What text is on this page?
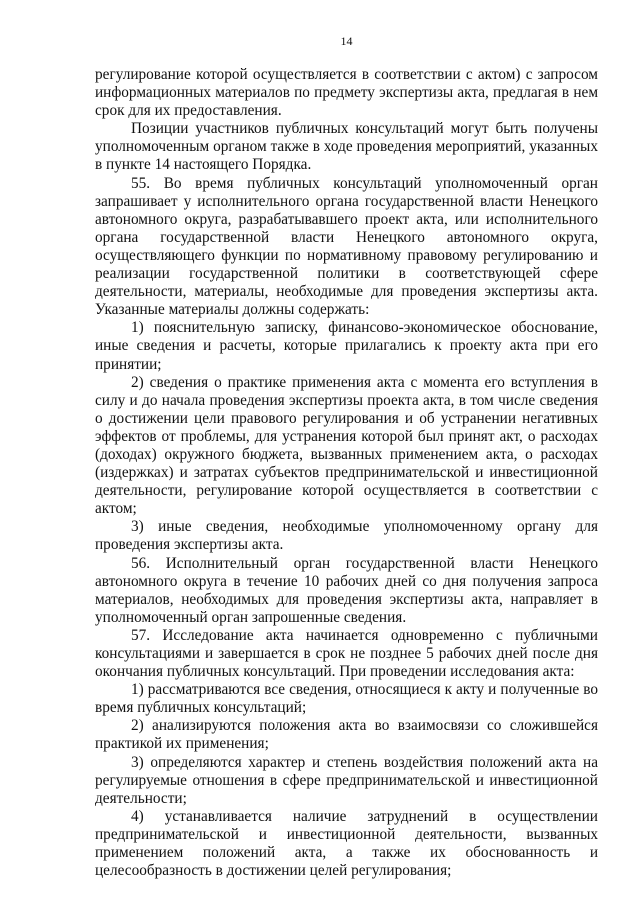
14

регулирование которой осуществляется в соответствии с актом) с запросом информационных материалов по предмету экспертизы акта, предлагая в нем срок для их предоставления.

Позиции участников публичных консультаций могут быть получены уполномоченным органом также в ходе проведения мероприятий, указанных в пункте 14 настоящего Порядка.

55. Во время публичных консультаций уполномоченный орган запрашивает у исполнительного органа государственной власти Ненецкого автономного округа, разрабатывавшего проект акта, или исполнительного органа государственной власти Ненецкого автономного округа, осуществляющего функции по нормативному правовому регулированию и реализации государственной политики в соответствующей сфере деятельности, материалы, необходимые для проведения экспертизы акта. Указанные материалы должны содержать:

1) пояснительную записку, финансово-экономическое обоснование, иные сведения и расчеты, которые прилагались к проекту акта при его принятии;

2) сведения о практике применения акта с момента его вступления в силу и до начала проведения экспертизы проекта акта, в том числе сведения о достижении цели правового регулирования и об устранении негативных эффектов от проблемы, для устранения которой был принят акт, о расходах (доходах) окружного бюджета, вызванных применением акта, о расходах (издержках) и затратах субъектов предпринимательской и инвестиционной деятельности, регулирование которой осуществляется в соответствии с актом;

3) иные сведения, необходимые уполномоченному органу для проведения экспертизы акта.

56. Исполнительный орган государственной власти Ненецкого автономного округа в течение 10 рабочих дней со дня получения запроса материалов, необходимых для проведения экспертизы акта, направляет в уполномоченный орган запрошенные сведения.

57. Исследование акта начинается одновременно с публичными консультациями и завершается в срок не позднее 5 рабочих дней после дня окончания публичных консультаций. При проведении исследования акта:

1) рассматриваются все сведения, относящиеся к акту и полученные во время публичных консультаций;

2) анализируются положения акта во взаимосвязи со сложившейся практикой их применения;

3) определяются характер и степень воздействия положений акта на регулируемые отношения в сфере предпринимательской и инвестиционной деятельности;

4) устанавливается наличие затруднений в осуществлении предпринимательской и инвестиционной деятельности, вызванных применением положений акта, а также их обоснованность и целесообразность в достижении целей регулирования;
